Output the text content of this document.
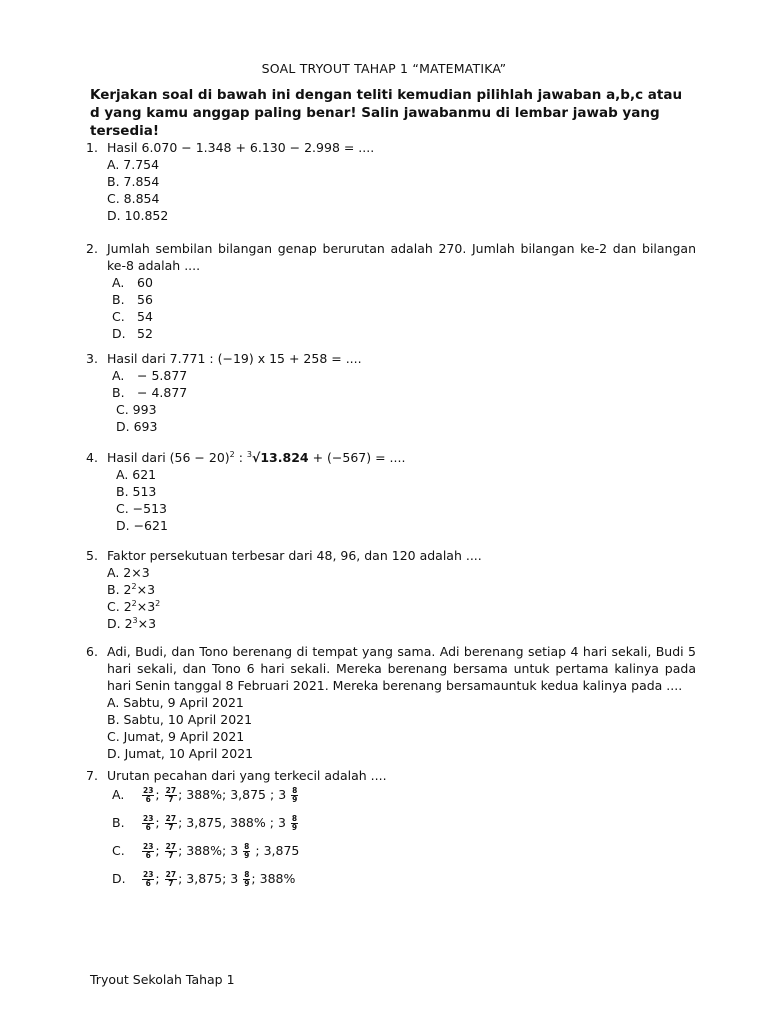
SOAL TRYOUT TAHAP 1 “MATEMATIKA”
Kerjakan soal di bawah ini dengan teliti kemudian pilihlah jawaban a,b,c atau d yang kamu anggap paling benar! Salin jawabanmu di lembar jawab yang tersedia!
1. Hasil 6.070 − 1.348 + 6.130 − 2.998 = ....
A. 7.754
B. 7.854
C. 8.854
D. 10.852
2. Jumlah sembilan bilangan genap berurutan adalah 270. Jumlah bilangan ke-2 dan bilangan ke-8 adalah ....
A. 60
B. 56
C. 54
D. 52
3. Hasil dari 7.771 : (−19) x 15 + 258 = ....
A. − 5.877
B. − 4.877
C. 993
D. 693
4. Hasil dari $(56 - 20)^2$ : $^3$√13.824 + (−567) = ....
A. 621
B. 513
C. −513
D. −621
5. Faktor persekutuan terbesar dari 48, 96, dan 120 adalah ....
A. 2×3
B. $2^2\times 3$
C. $2^2\times 3^2$
D. $2^3\times 3$
6. Adi, Budi, dan Tono berenang di tempat yang sama. Adi berenang setiap 4 hari sekali, Budi 5 hari sekali, dan Tono 6 hari sekali. Mereka berenang bersama untuk pertama kalinya pada hari Senin tanggal 8 Februari 2021. Mereka berenang bersamauntuk kedua kalinya pada ....
A. Sabtu, 9 April 2021
B. Sabtu, 10 April 2021
C. Jumat, 9 April 2021
D. Jumat, 10 April 2021
7. Urutan pecahan dari yang terkecil adalah ....
A. $\frac{23}{6}$ ; $\frac{27}{7}$ ; 388%; 3,875 ; $3 \frac{8}{9}$
B. $\frac{23}{6}$ ; $\frac{27}{7}$ ; 3,875, 388% ; $3 \frac{8}{9}$
C. $\frac{23}{6}$ ; $\frac{27}{7}$ ; 388%; $3 \frac{8}{9}$ ; 3,875
D. $\frac{23}{6}$ ; $\frac{27}{7}$ ; 3,875; $3 \frac{8}{9}$ ; 388%
Tryout Sekolah Tahap 1
